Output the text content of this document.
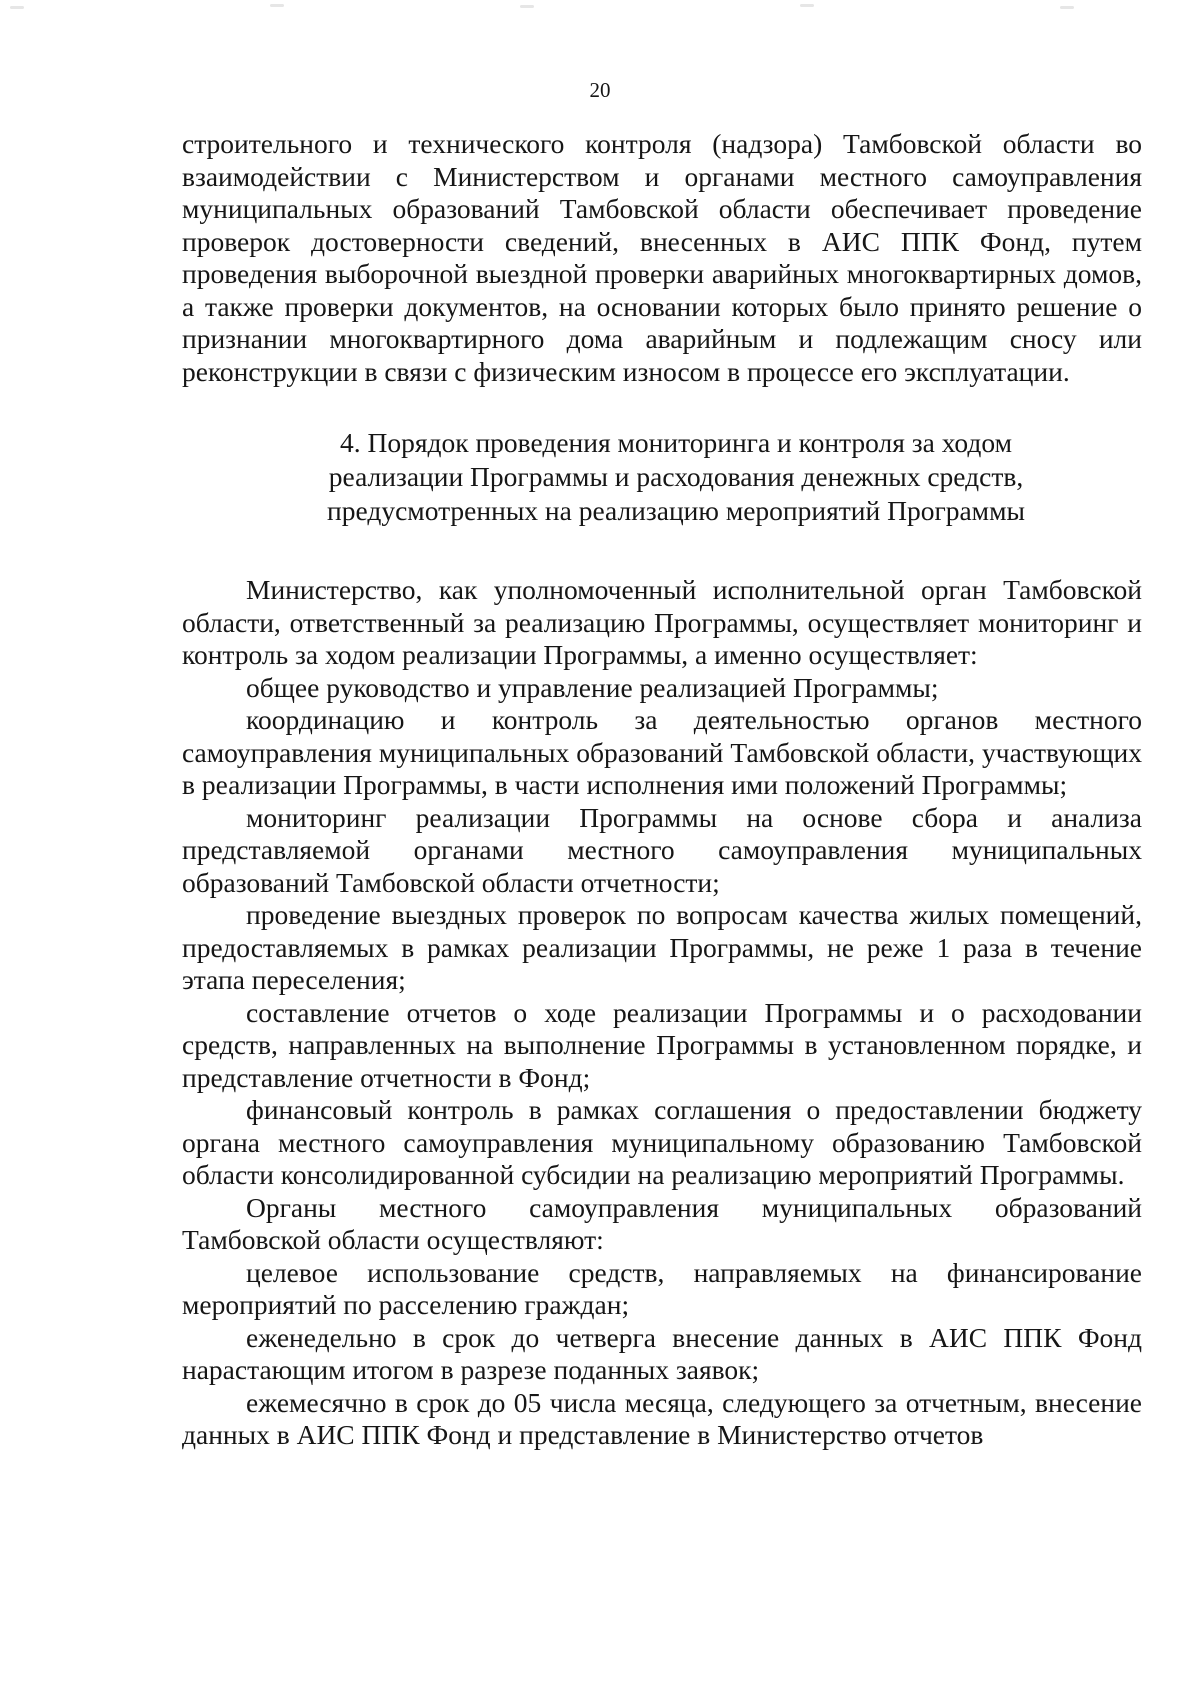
20

строительного и технического контроля (надзора) Тамбовской области во взаимодействии с Министерством и органами местного самоуправления муниципальных образований Тамбовской области обеспечивает проведение проверок достоверности сведений, внесенных в АИС ППК Фонд, путем проведения выборочной выездной проверки аварийных многоквартирных домов, а также проверки документов, на основании которых было принято решение о признании многоквартирного дома аварийным и подлежащим сносу или реконструкции в связи с физическим износом в процессе его эксплуатации.

4. Порядок проведения мониторинга и контроля за ходом
реализации Программы и расходования денежных средств,
предусмотренных на реализацию мероприятий Программы

Министерство, как уполномоченный исполнительной орган Тамбовской области, ответственный за реализацию Программы, осуществляет мониторинг и контроль за ходом реализации Программы, а именно осуществляет:

общее руководство и управление реализацией Программы;

координацию и контроль за деятельностью органов местного самоуправления муниципальных образований Тамбовской области, участвующих в реализации Программы, в части исполнения ими положений Программы;

мониторинг реализации Программы на основе сбора и анализа представляемой органами местного самоуправления муниципальных образований Тамбовской области отчетности;

проведение выездных проверок по вопросам качества жилых помещений, предоставляемых в рамках реализации Программы, не реже 1 раза в течение этапа переселения;

составление отчетов о ходе реализации Программы и о расходовании средств, направленных на выполнение Программы в установленном порядке, и представление отчетности в Фонд;

финансовый контроль в рамках соглашения о предоставлении бюджету органа местного самоуправления муниципальному образованию Тамбовской области консолидированной субсидии на реализацию мероприятий Программы.

Органы местного самоуправления муниципальных образований Тамбовской области осуществляют:

целевое использование средств, направляемых на финансирование мероприятий по расселению граждан;

еженедельно в срок до четверга внесение данных в АИС ППК Фонд нарастающим итогом в разрезе поданных заявок;

ежемесячно в срок до 05 числа месяца, следующего за отчетным, внесение данных в АИС ППК Фонд и представление в Министерство отчетов
